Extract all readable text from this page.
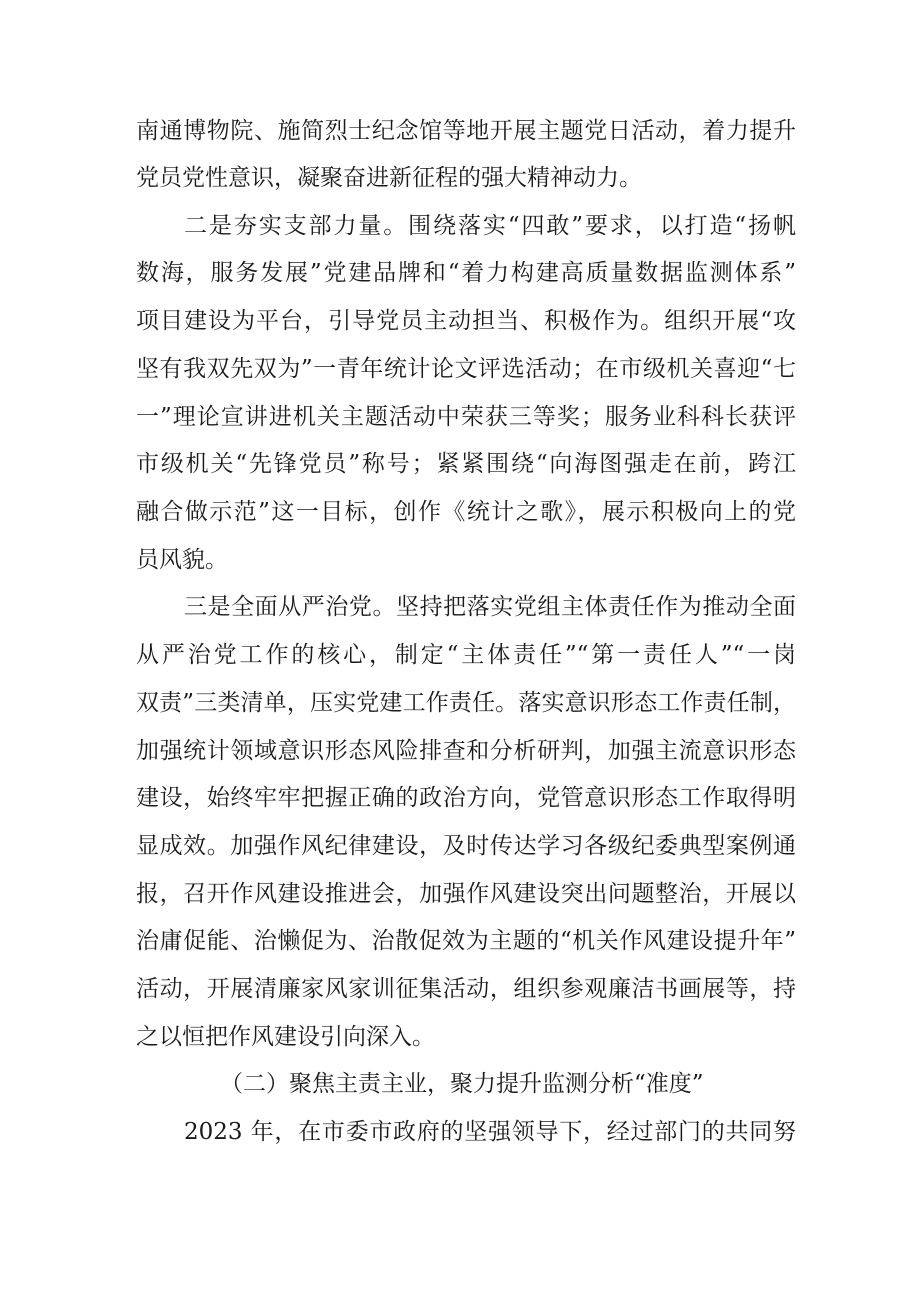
南通博物院、施简烈士纪念馆等地开展主题党日活动，着力提升
党员党性意识，凝聚奋进新征程的强大精神动力。
二是夯实支部力量。围绕落实“四敢”要求，以打造“扬帆
数海，服务发展”党建品牌和“着力构建高质量数据监测体系”
项目建设为平台，引导党员主动担当、积极作为。组织开展“攻
坚有我双先双为”一青年统计论文评选活动；在市级机关喜迎“七
一”理论宣讲进机关主题活动中荣获三等奖；服务业科科长获评
市级机关“先锋党员”称号；紧紧围绕“向海图强走在前，跨江
融合做示范”这一目标，创作《统计之歌》，展示积极向上的党
员风貌。
三是全面从严治党。坚持把落实党组主体责任作为推动全面
从严治党工作的核心，制定“主体责任”“第一责任人”“一岗
双责”三类清单，压实党建工作责任。落实意识形态工作责任制，
加强统计领域意识形态风险排查和分析研判，加强主流意识形态
建设，始终牢牢把握正确的政治方向，党管意识形态工作取得明
显成效。加强作风纪律建设，及时传达学习各级纪委典型案例通
报，召开作风建设推进会，加强作风建设突出问题整治，开展以
治庸促能、治懒促为、治散促效为主题的“机关作风建设提升年”
活动，开展清廉家风家训征集活动，组织参观廉洁书画展等，持
之以恒把作风建设引向深入。
（二）聚焦主责主业，聚力提升监测分析“准度”
2023 年，在市委市政府的坚强领导下，经过部门的共同努
